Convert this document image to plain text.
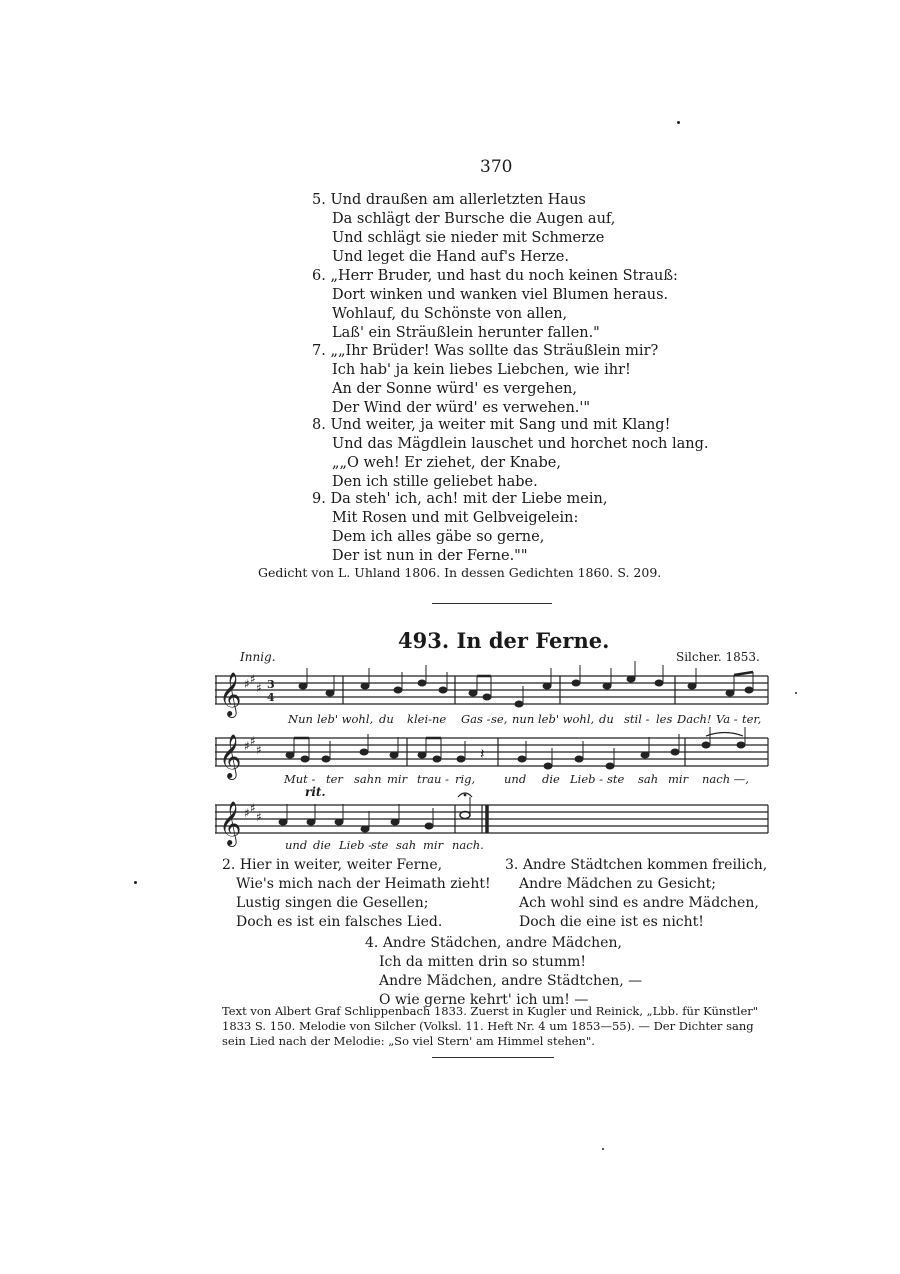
370
5. Und draußen am allerletzten Haus
Da schlägt der Bursche die Augen auf,
Und schlägt sie nieder mit Schmerze
Und leget die Hand auf's Herze.
6. „Herr Bruder, und hast du noch keinen Strauß:
Dort winken und wanken viel Blumen heraus.
Wohlauf, du Schönste von allen,
Laß' ein Sträußlein herunter fallen."
7. „„Ihr Brüder! Was sollte das Sträußlein mir?
Ich hab' ja kein liebes Liebchen, wie ihr!
An der Sonne würd' es vergehen,
Der Wind der würd' es verwehen.'"
8. Und weiter, ja weiter mit Sang und mit Klang!
Und das Mägdlein lauschet und horchet noch lang.
„„O weh! Er ziehet, der Knabe,
Den ich stille geliebet habe.
9. Da steh' ich, ach! mit der Liebe mein,
Mit Rosen und mit Gelbveigelein:
Dem ich alles gäbe so gerne,
Der ist nun in der Ferne.""
Gedicht von L. Uhland 1806. In dessen Gedichten 1860. S. 209.
493. In der Ferne.
Innig.	Silcher. 1853.
𝄞 ♯ ♯
♯ 3
4
Nun leb' wohl, du klei-ne Gas - se, nun leb' wohl, du stil - les Dach! Va - ter,
𝄞 ♯ ♯
♯	𝄽
Mut - ter sahn mir trau - rig,	und die Lieb - ste sah mir nach —,
rit.
𝄞 ♯ ♯
♯
und die Lieb -
ste sah mir nach.
2. Hier in weiter, weiter Ferne,
Wie's mich nach der Heimath zieht!
Lustig singen die Gesellen;
Doch es ist ein falsches Lied.
3. Andre Städtchen kommen freilich,
Andre Mädchen zu Gesicht;
Ach wohl sind es andre Mädchen,
Doch die eine ist es nicht!
4. Andre Städchen, andre Mädchen,
Ich da mitten drin so stumm!
Andre Mädchen, andre Städtchen, —
O wie gerne kehrt' ich um! —
Text von Albert Graf Schlippenbach 1833. Zuerst in Kugler und Reinick, „Lbb. für Künstler"
1833 S. 150. Melodie von Silcher (Volksl. 11. Heft Nr. 4 um 1853—55). — Der Dichter sang
sein Lied nach der Melodie: „So viel Stern' am Himmel stehen".
